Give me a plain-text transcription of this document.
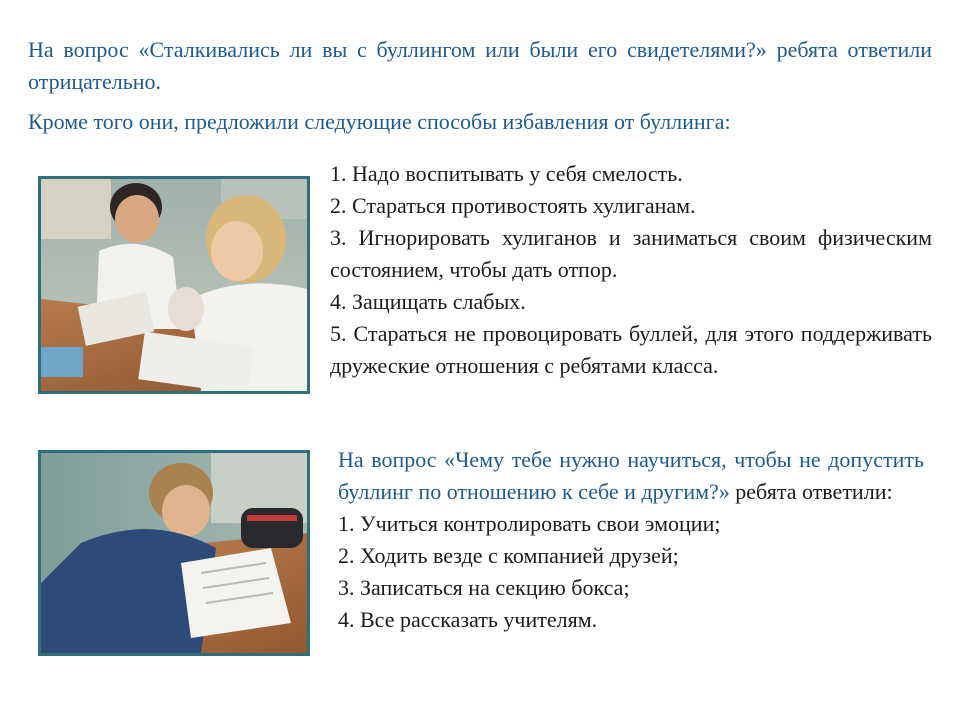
На вопрос «Сталкивались ли вы с буллингом или были его свидетелями?» ребята ответили отрицательно.

Кроме того они, предложили следующие способы избавления от буллинга:

1. Надо воспитывать у себя смелость.
2. Стараться противостоять хулиганам.
3. Игнорировать хулиганов и заниматься своим физическим состоянием, чтобы дать отпор.
4. Защищать слабых.
5. Стараться не провоцировать буллей, для этого поддерживать дружеские отношения с ребятами класса.
На вопрос «Чему тебе нужно научиться, чтобы не допустить буллинг по отношению к себе и другим?» ребята ответили:
1. Учиться контролировать свои эмоции;
2. Ходить везде с компанией друзей;
3. Записаться на секцию бокса;
4. Все рассказать учителям.
